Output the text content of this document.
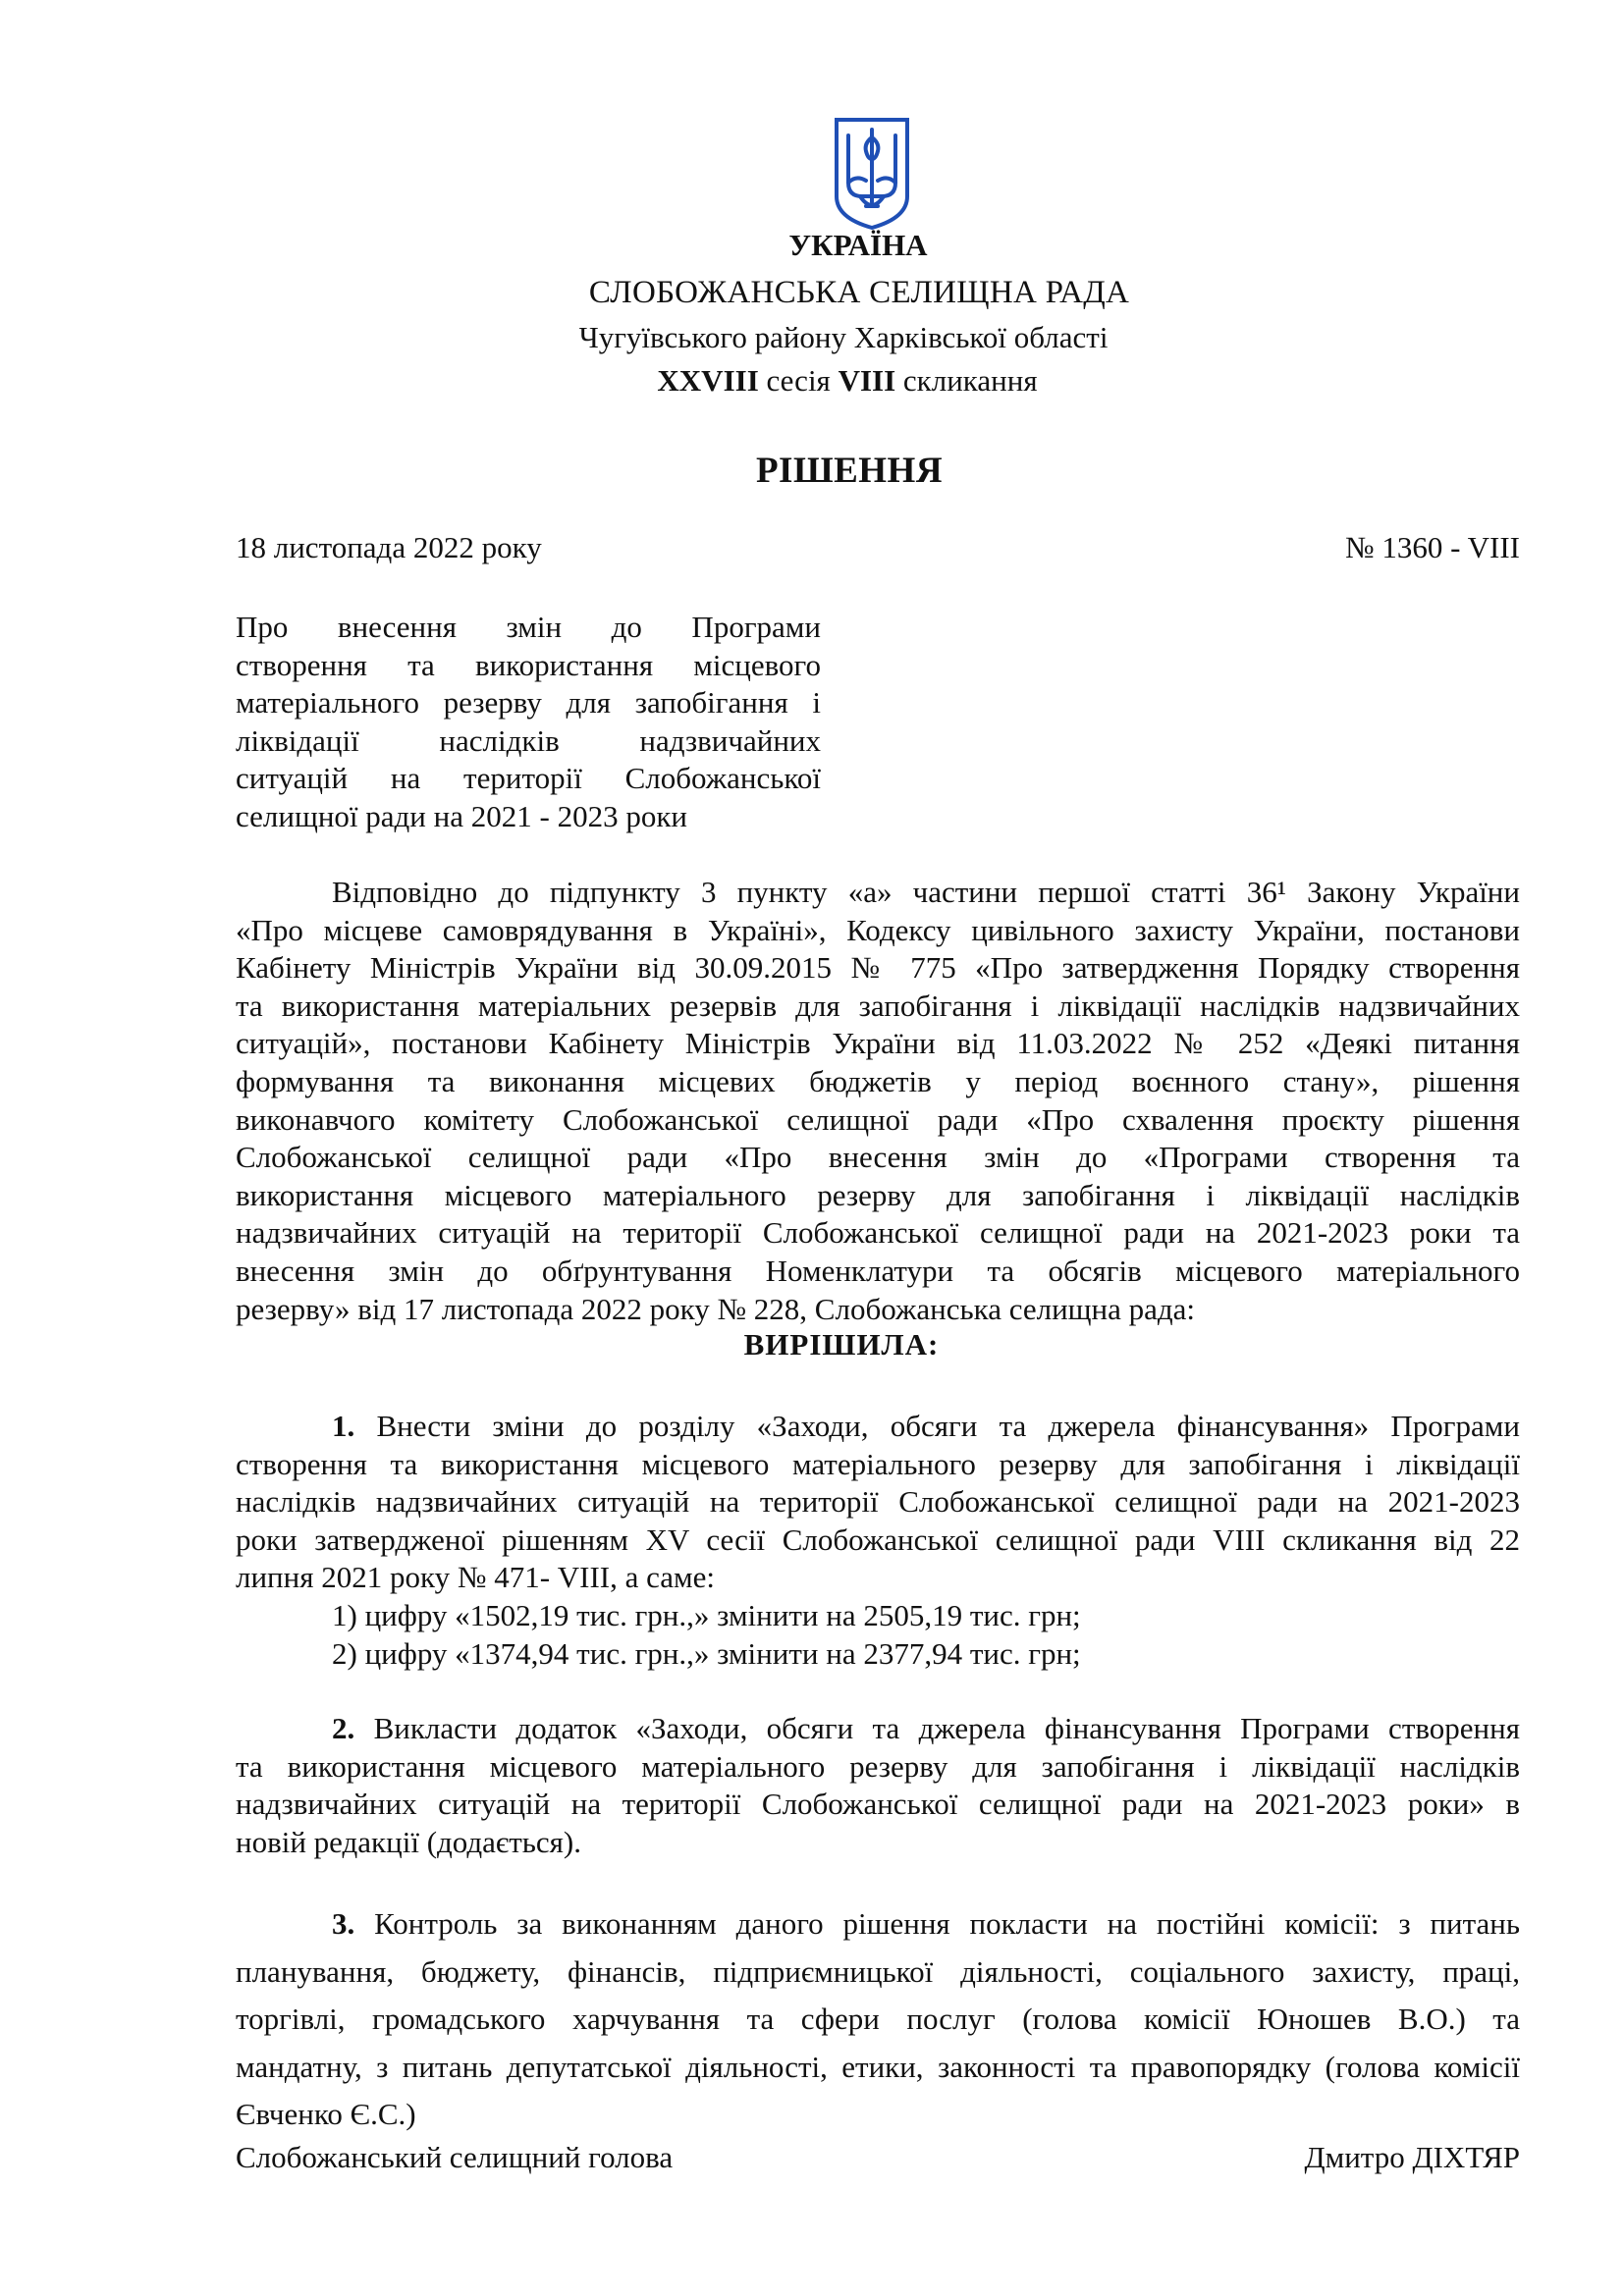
УКРАЇНА
СЛОБОЖАНСЬКА СЕЛИЩНА РАДА
Чугуївського району Харківської області
XXVIII сесія VIII скликання
РІШЕННЯ
18 листопада 2022 року	№ 1360 - VIII
Про внесення змін до Програми
створення та використання місцевого
матеріального резерву для запобігання і
ліквідації наслідків надзвичайних
ситуацій на території Слобожанської
селищної ради на 2021 - 2023 роки
Відповідно до підпункту 3 пункту «а» частини першої статті 36¹ Закону України
«Про місцеве самоврядування в Україні», Кодексу цивільного захисту України, постанови
Кабінету Міністрів України від 30.09.2015 № 775 «Про затвердження Порядку створення
та використання матеріальних резервів для запобігання і ліквідації наслідків надзвичайних
ситуацій», постанови Кабінету Міністрів України від 11.03.2022 № 252 «Деякі питання
формування та виконання місцевих бюджетів у період воєнного стану», рішення
виконавчого комітету Слобожанської селищної ради «Про схвалення проєкту рішення
Слобожанської селищної ради «Про внесення змін до «Програми створення та
використання місцевого матеріального резерву для запобігання і ліквідації наслідків
надзвичайних ситуацій на території Слобожанської селищної ради на 2021-2023 роки та
внесення змін до обґрунтування Номенклатури та обсягів місцевого матеріального
резерву» від 17 листопада 2022 року № 228, Слобожанська селищна рада:
ВИРІШИЛА:
1. Внести зміни до розділу «Заходи, обсяги та джерела фінансування» Програми
створення та використання місцевого матеріального резерву для запобігання і ліквідації
наслідків надзвичайних ситуацій на території Слобожанської селищної ради на 2021-2023
роки затвердженої рішенням XV сесії Слобожанської селищної ради VIII скликання від 22
липня 2021 року № 471- VIII, а саме:
1) цифру «1502,19 тис. грн.,» змінити на 2505,19 тис. грн;
2) цифру «1374,94 тис. грн.,» змінити на 2377,94 тис. грн;
2. Викласти додаток «Заходи, обсяги та джерела фінансування Програми створення
та використання місцевого матеріального резерву для запобігання і ліквідації наслідків
надзвичайних ситуацій на території Слобожанської селищної ради на 2021-2023 роки» в
новій редакції (додається).
3. Контроль за виконанням даного рішення покласти на постійні комісії: з питань
планування, бюджету, фінансів, підприємницької діяльності, соціального захисту, праці,
торгівлі, громадського харчування та сфери послуг (голова комісії Юношев В.О.) та
мандатну, з питань депутатської діяльності, етики, законності та правопорядку (голова комісії
Євченко Є.С.)
Слобожанський селищний голова	Дмитро ДІХТЯР
